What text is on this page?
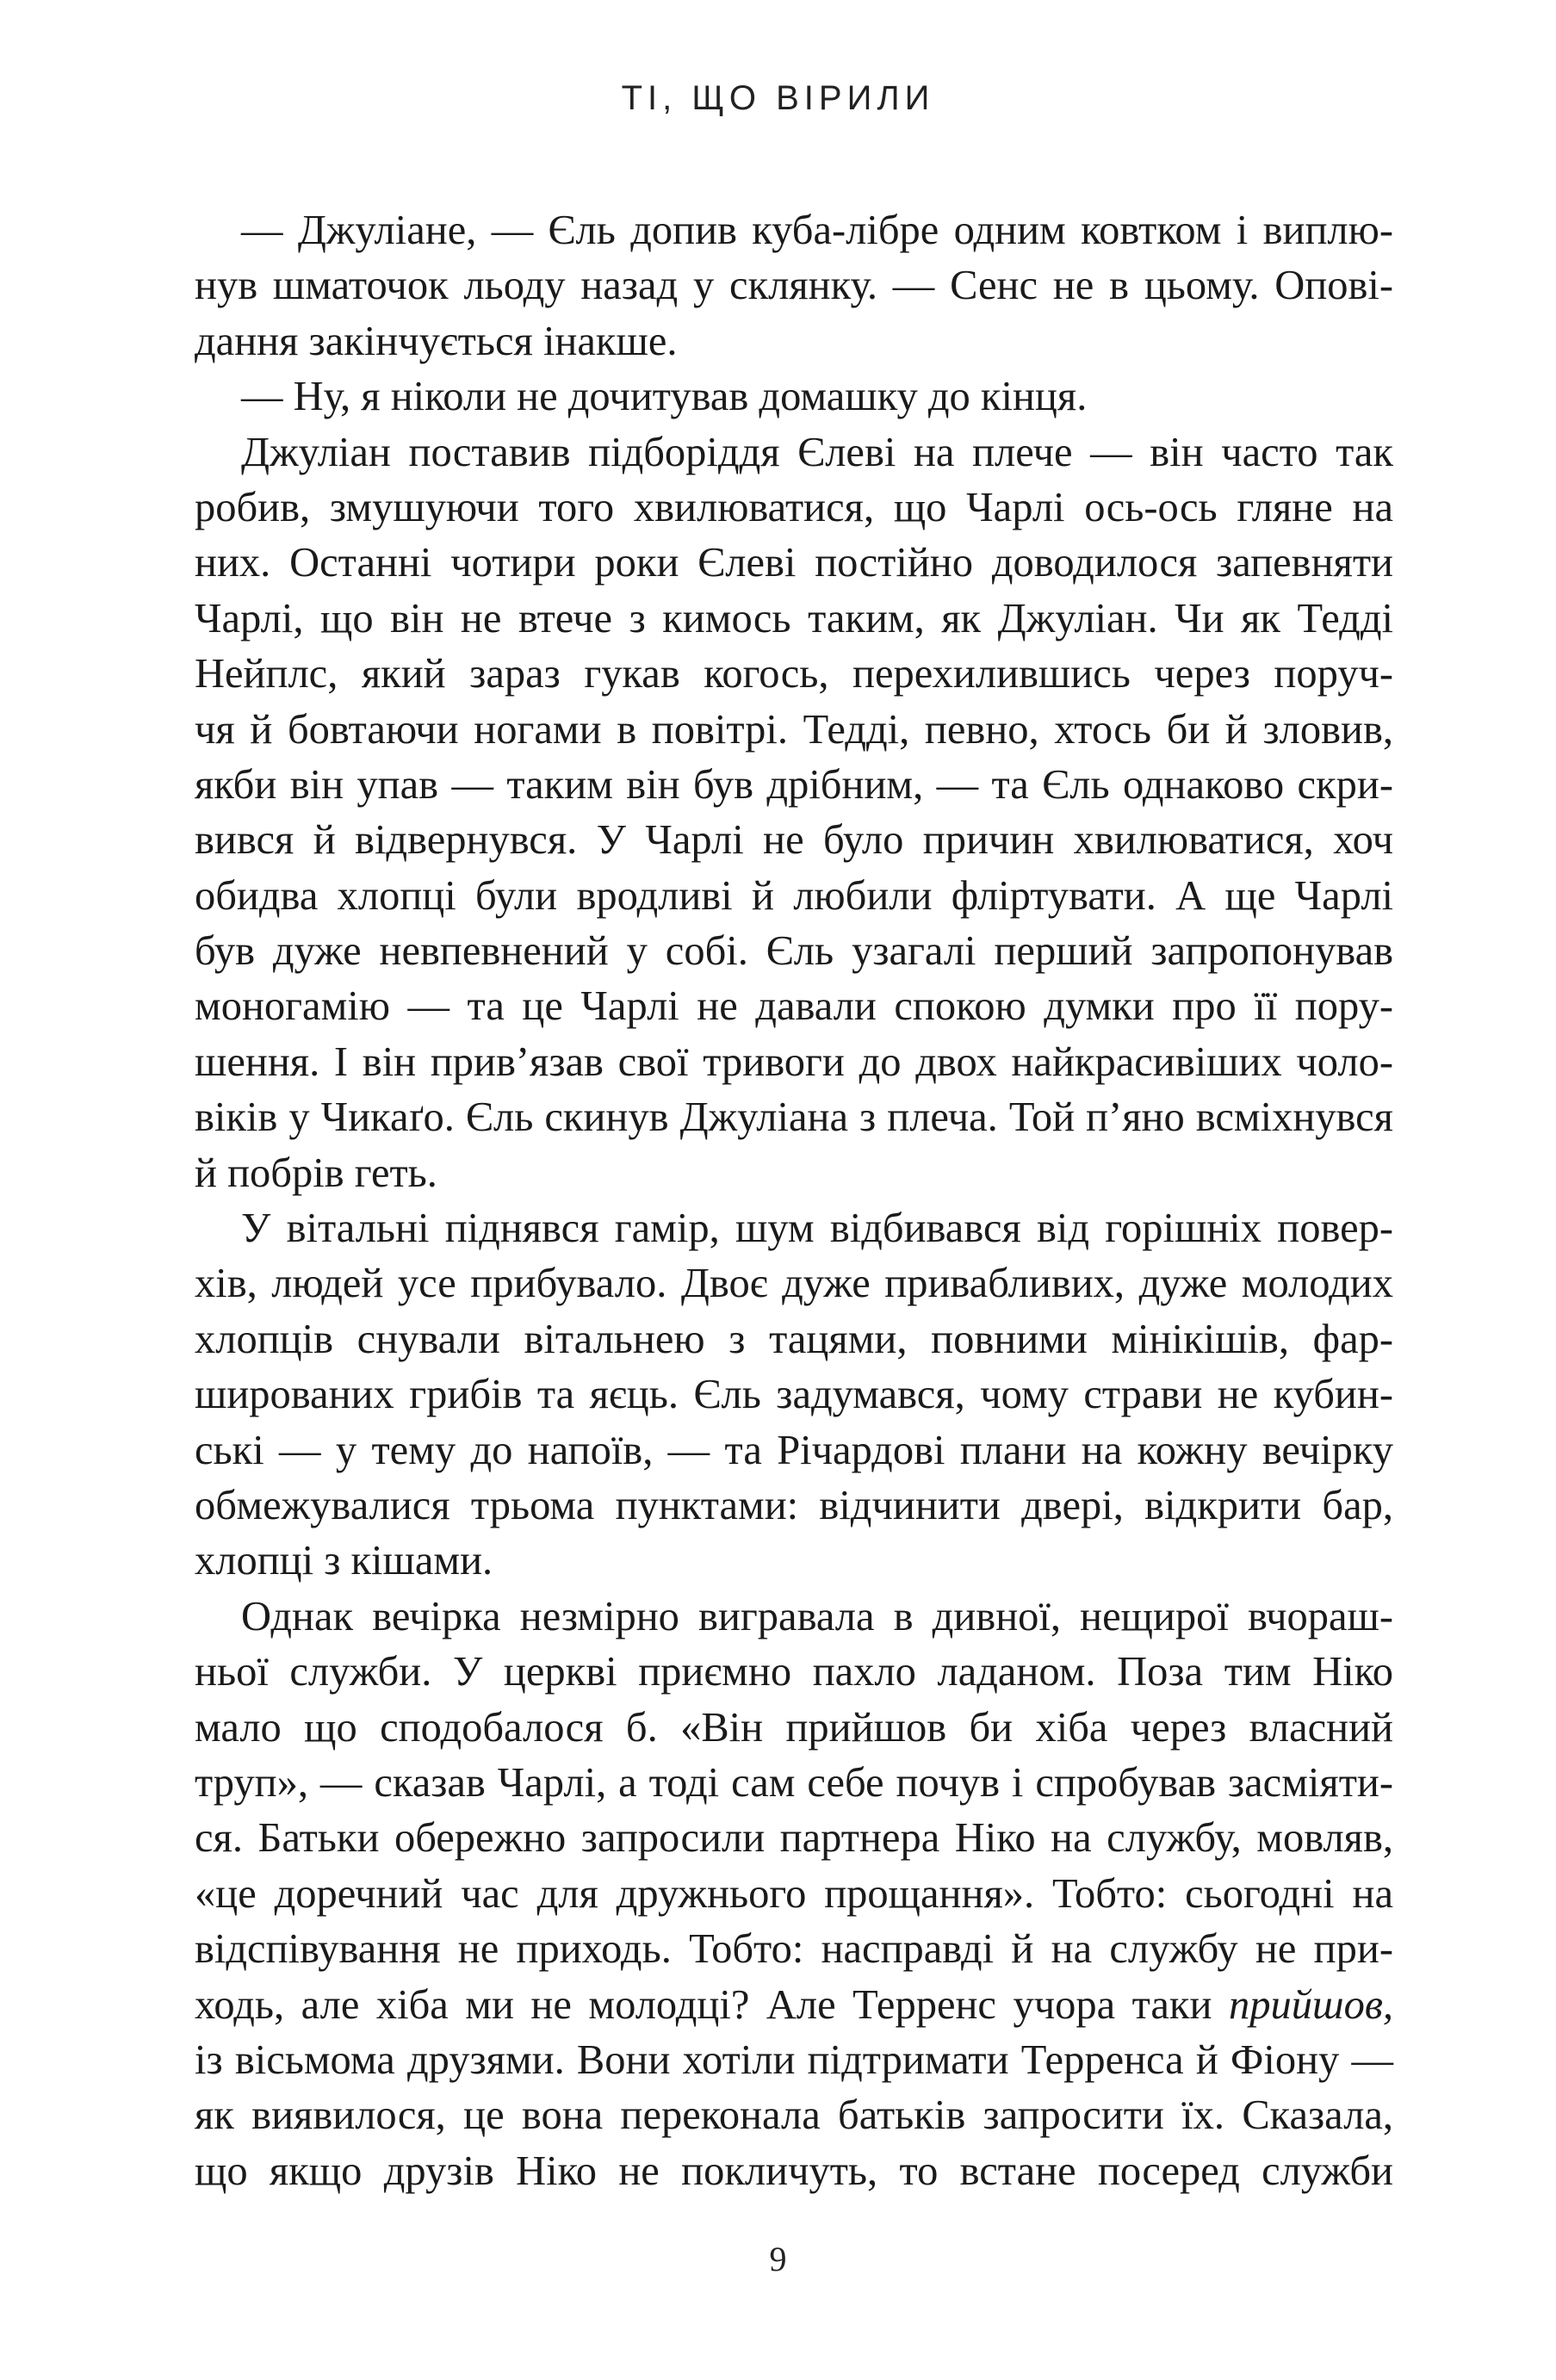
ТІ, ЩО ВІРИЛИ
— Джуліане, — Єль допив куба-лібре одним ковтком і виплю-
нув шматочок льоду назад у склянку. — Сенс не в цьому. Опові-
дання закінчується інакше.
— Ну, я ніколи не дочитував домашку до кінця.
Джуліан поставив підборіддя Єлеві на плече — він часто так
робив, змушуючи того хвилюватися, що Чарлі ось-ось гляне на
них. Останні чотири роки Єлеві постійно доводилося запевняти
Чарлі, що він не втече з кимось таким, як Джуліан. Чи як Тедді
Нейплс, який зараз гукав когось, перехилившись через поруч-
чя й бовтаючи ногами в повітрі. Тедді, певно, хтось би й зловив,
якби він упав — таким він був дрібним, — та Єль однаково скри-
вився й відвернувся. У Чарлі не було причин хвилюватися, хоч
обидва хлопці були вродливі й любили фліртувати. А ще Чарлі
був дуже невпевнений у собі. Єль узагалі перший запропонував
моногамію — та це Чарлі не давали спокою думки про її пору-
шення. І він прив’язав свої тривоги до двох найкрасивіших чоло-
віків у Чикаґо. Єль скинув Джуліана з плеча. Той п’яно всміхнувся
й побрів геть.
У вітальні піднявся гамір, шум відбивався від горішніх повер-
хів, людей усе прибувало. Двоє дуже привабливих, дуже молодих
хлопців снували вітальнею з тацями, повними мінікішів, фар-
шированих грибів та яєць. Єль задумався, чому страви не кубин-
ські — у тему до напоїв, — та Річардові плани на кожну вечірку
обмежувалися трьома пунктами: відчинити двері, відкрити бар,
хлопці з кішами.
Однак вечірка незмірно вигравала в дивної, нещирої вчораш-
ньої служби. У церкві приємно пахло ладаном. Поза тим Ніко
мало що сподобалося б. «Він прийшов би хіба через власний
труп», — сказав Чарлі, а тоді сам себе почув і спробував засміяти-
ся. Батьки обережно запросили партнера Ніко на службу, мовляв,
«це доречний час для дружнього прощання». Тобто: сьогодні на
відспівування не приходь. Тобто: насправді й на службу не при-
ходь, але хіба ми не молодці? Але Терренс учора таки прийшов,
із вісьмома друзями. Вони хотіли підтримати Терренса й Фіону —
як виявилося, це вона переконала батьків запросити їх. Сказала,
що якщо друзів Ніко не покличуть, то встане посеред служби
9
